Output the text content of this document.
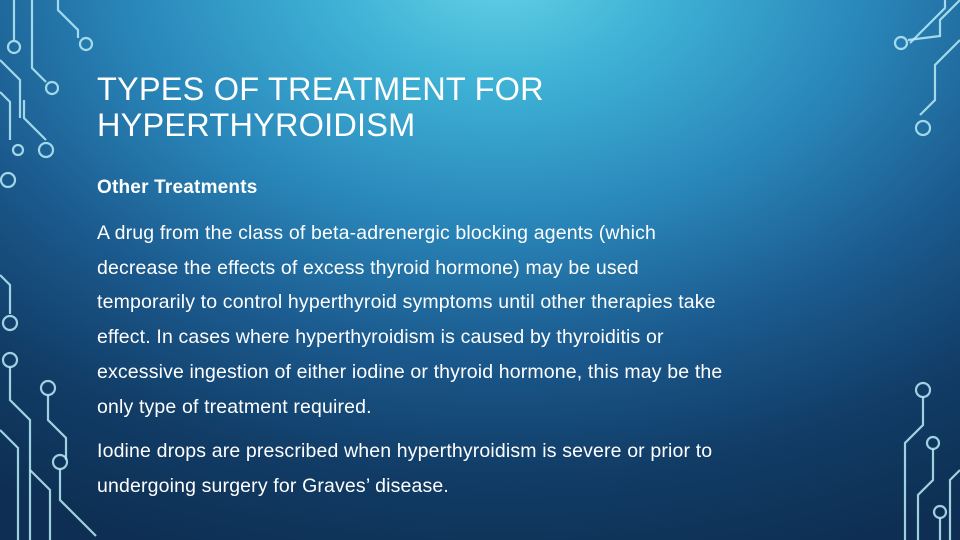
TYPES OF TREATMENT FOR
HYPERTHYROIDISM
Other Treatments
A drug from the class of beta-adrenergic blocking agents (which
decrease the effects of excess thyroid hormone) may be used
temporarily to control hyperthyroid symptoms until other therapies take
effect. In cases where hyperthyroidism is caused by thyroiditis or
excessive ingestion of either iodine or thyroid hormone, this may be the
only type of treatment required.
Iodine drops are prescribed when hyperthyroidism is severe or prior to
undergoing surgery for Graves’ disease.
